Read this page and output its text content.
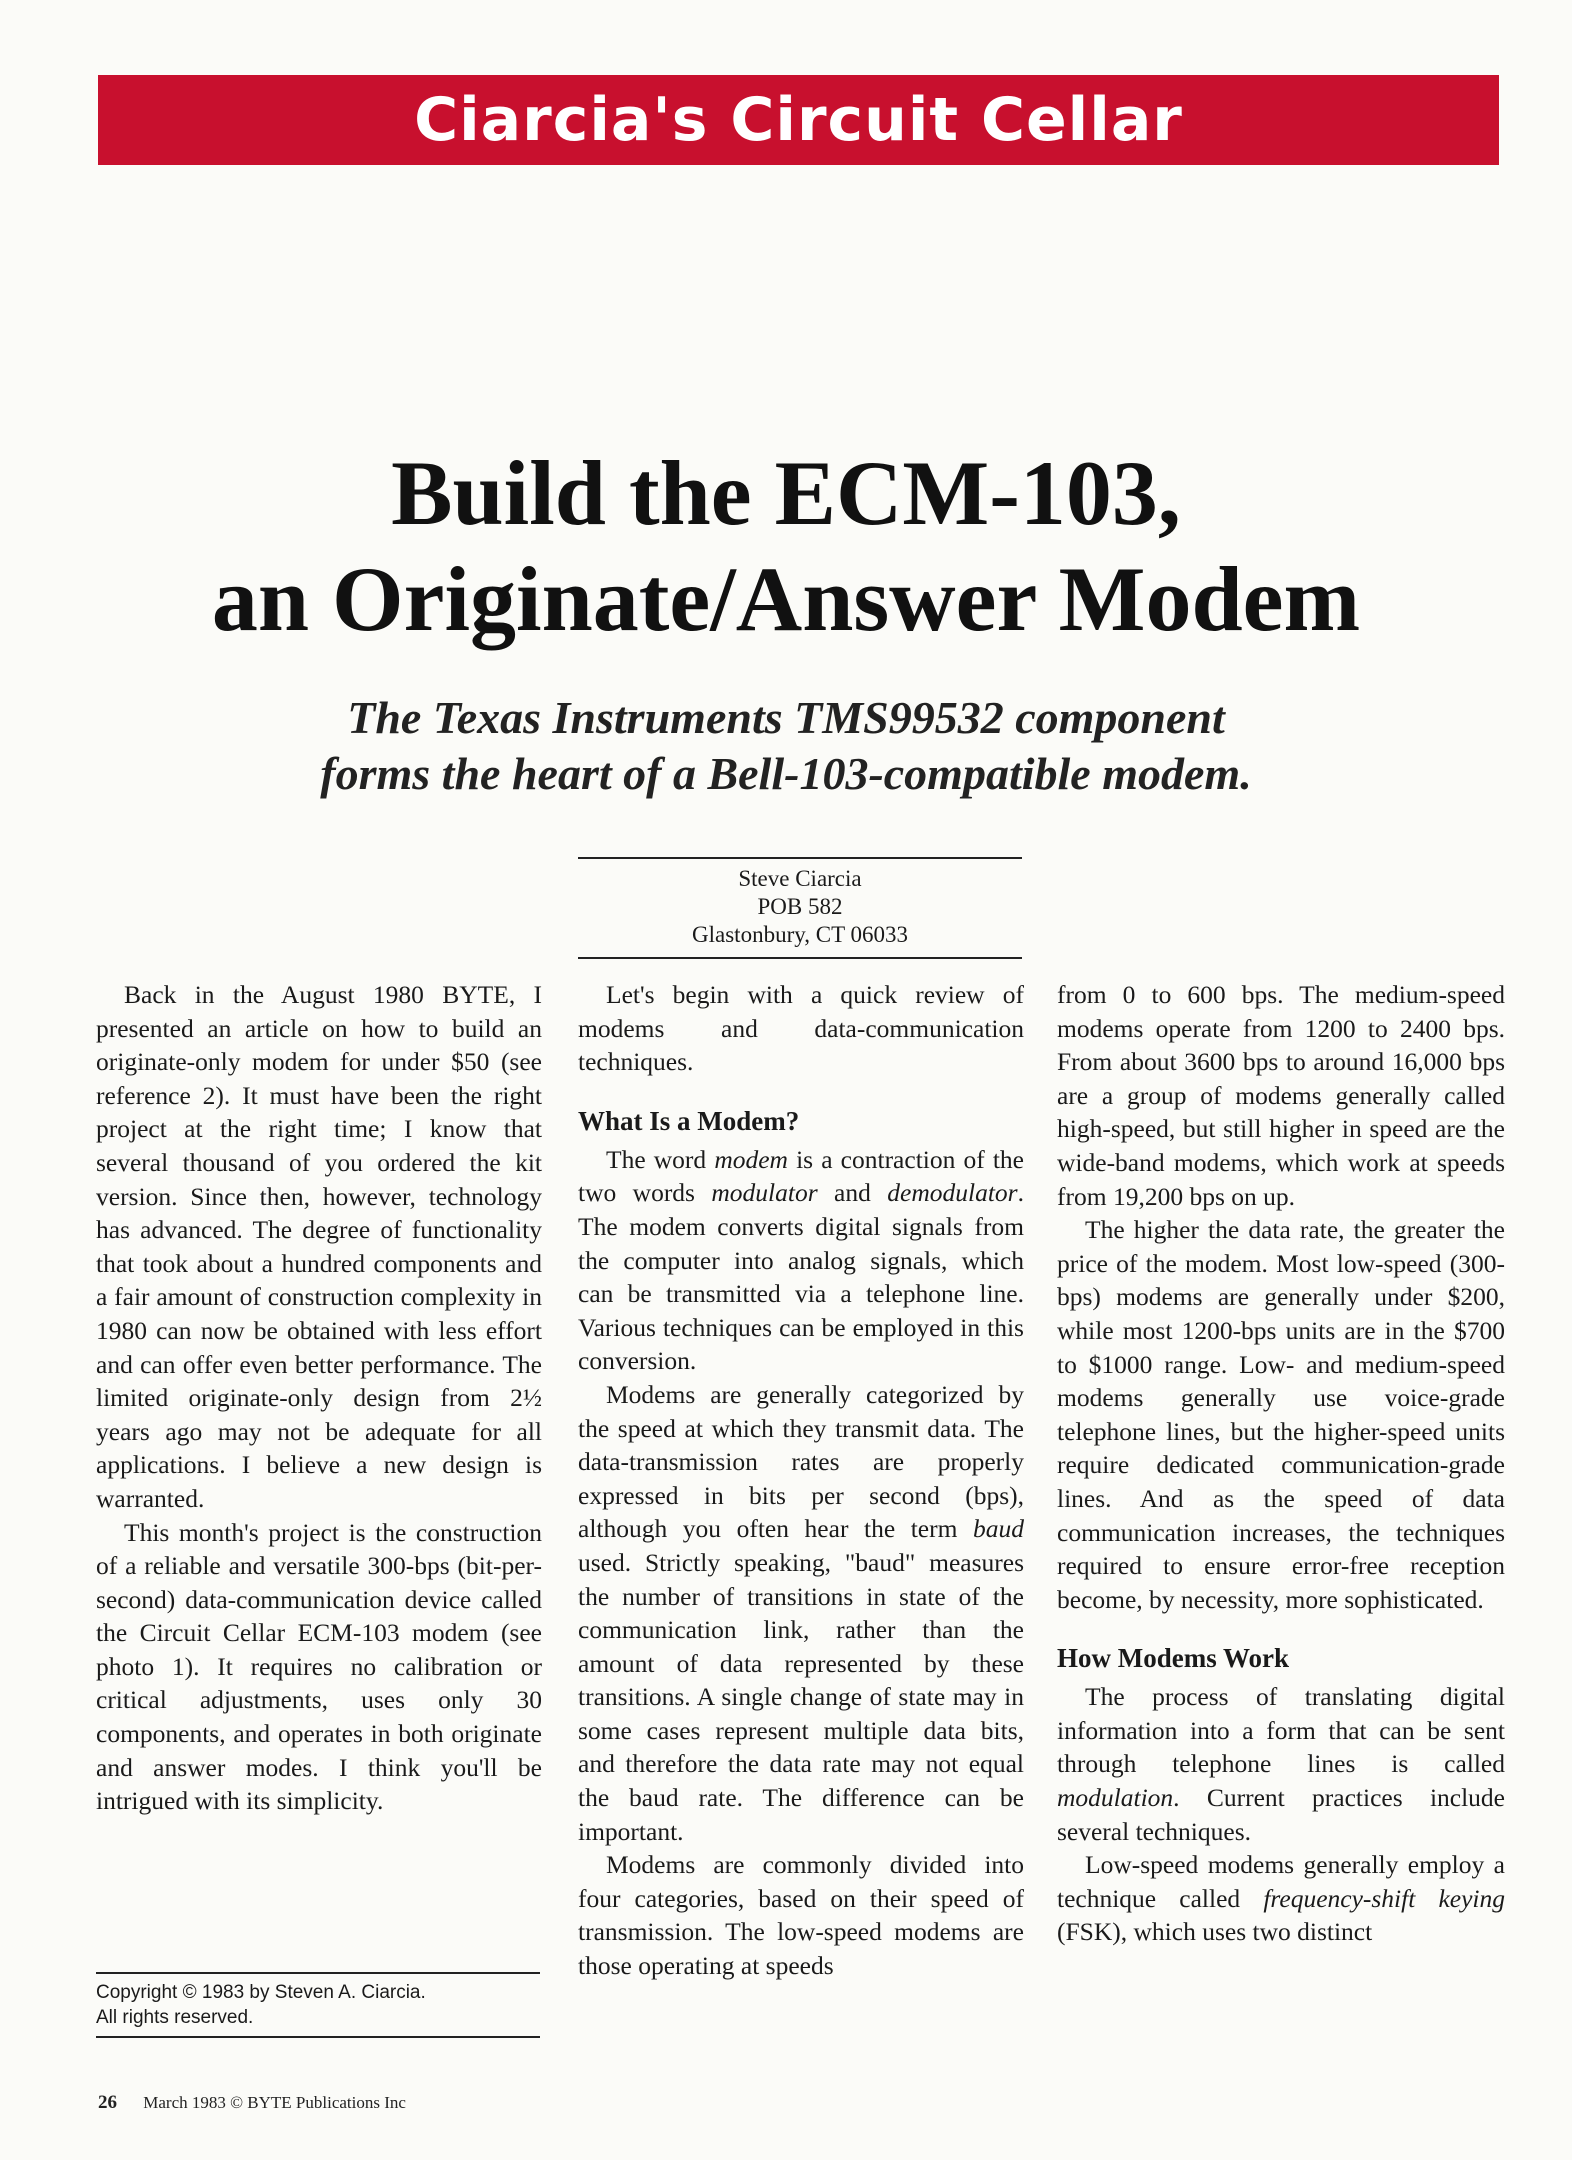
Ciarcia's Circuit Cellar
Build the ECM-103,
an Originate/Answer Modem
The Texas Instruments TMS99532 component
forms the heart of a Bell-103-compatible modem.
Steve Ciarcia
POB 582
Glastonbury, CT 06033

Back in the August 1980 BYTE, I presented an article on how to build an originate-only modem for under $50 (see reference 2). It must have been the right project at the right time; I know that several thousand of you ordered the kit version. Since then, however, technology has advanced. The degree of functionality that took about a hundred components and a fair amount of construction complexity in 1980 can now be obtained with less effort and can offer even better performance. The limited originate-only design from 2½ years ago may not be adequate for all applications. I believe a new design is warranted.

This month's project is the construction of a reliable and versatile 300-bps (bit-per-second) data-communication device called the Circuit Cellar ECM-103 modem (see photo 1). It requires no calibration or critical adjustments, uses only 30 components, and operates in both originate and answer modes. I think you'll be intrigued with its simplicity.

Let's begin with a quick review of modems and data-communication techniques.

What Is a Modem?

The word modem is a contraction of the two words modulator and demodulator. The modem converts digital signals from the computer into analog signals, which can be transmitted via a telephone line. Various techniques can be employed in this conversion.

Modems are generally categorized by the speed at which they transmit data. The data-transmission rates are properly expressed in bits per second (bps), although you often hear the term baud used. Strictly speaking, "baud" measures the number of transitions in state of the communication link, rather than the amount of data represented by these transitions. A single change of state may in some cases represent multiple data bits, and therefore the data rate may not equal the baud rate. The difference can be important.

Modems are commonly divided into four categories, based on their speed of transmission. The low-speed modems are those operating at speeds

from 0 to 600 bps. The medium-speed modems operate from 1200 to 2400 bps. From about 3600 bps to around 16,000 bps are a group of modems generally called high-speed, but still higher in speed are the wide-band modems, which work at speeds from 19,200 bps on up.

The higher the data rate, the greater the price of the modem. Most low-speed (300-bps) modems are generally under $200, while most 1200-bps units are in the $700 to $1000 range. Low- and medium-speed modems generally use voice-grade telephone lines, but the higher-speed units require dedicated communication-grade lines. And as the speed of data communication increases, the techniques required to ensure error-free reception become, by necessity, more sophisticated.

How Modems Work

The process of translating digital information into a form that can be sent through telephone lines is called modulation. Current practices include several techniques.

Low-speed modems generally employ a technique called frequency-shift keying (FSK), which uses two distinct

Copyright © 1983 by Steven A. Ciarcia.
All rights reserved.
26 March 1983 © BYTE Publications Inc
